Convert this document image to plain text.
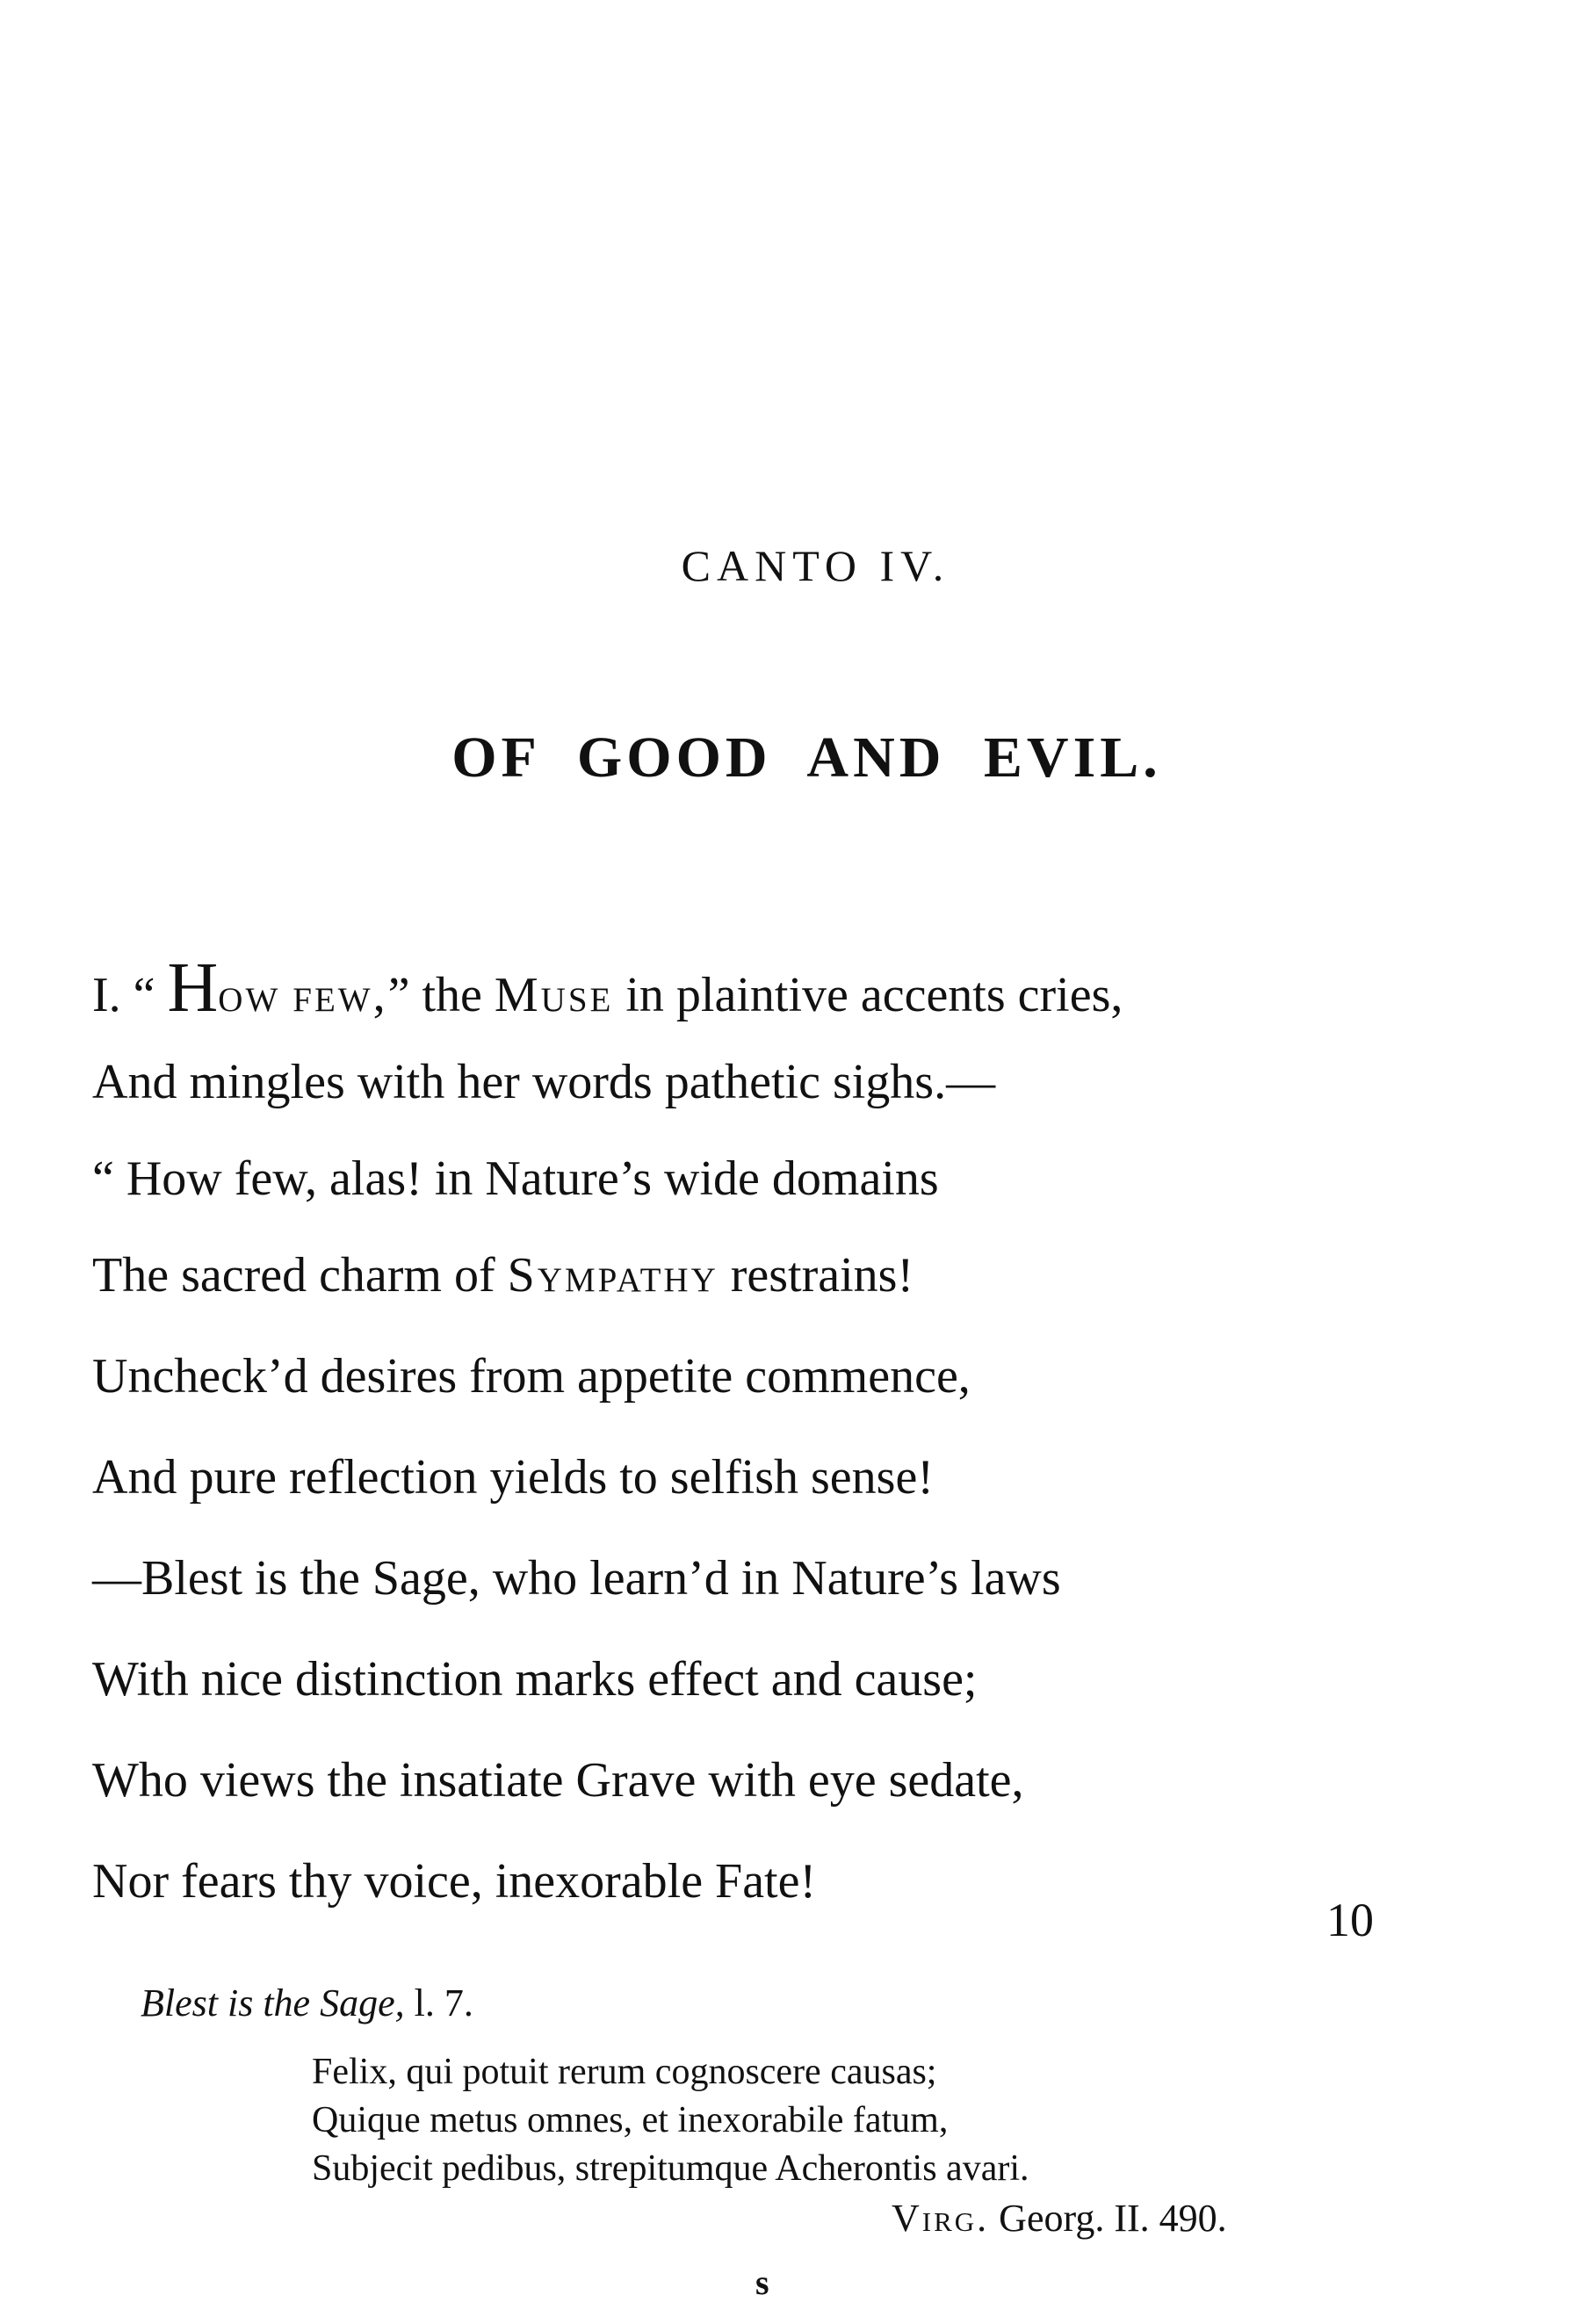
CANTO IV.
OF GOOD AND EVIL.
I. “ How few,” the Muse in plaintive accents cries,
And mingles with her words pathetic sighs.—
“ How few, alas! in Nature’s wide domains
The sacred charm of Sympathy restrains!
Uncheck’d desires from appetite commence,
And pure reflection yields to selfish sense!
—Blest is the Sage, who learn’d in Nature’s laws
With nice distinction marks effect and cause;
Who views the insatiate Grave with eye sedate,
Nor fears thy voice, inexorable Fate!
10
Blest is the Sage, l. 7.
Felix, qui potuit rerum cognoscere causas;
Quique metus omnes, et inexorabile fatum,
Subjecit pedibus, strepitumque Acherontis avari.
Virg. Georg. II. 490.
s
